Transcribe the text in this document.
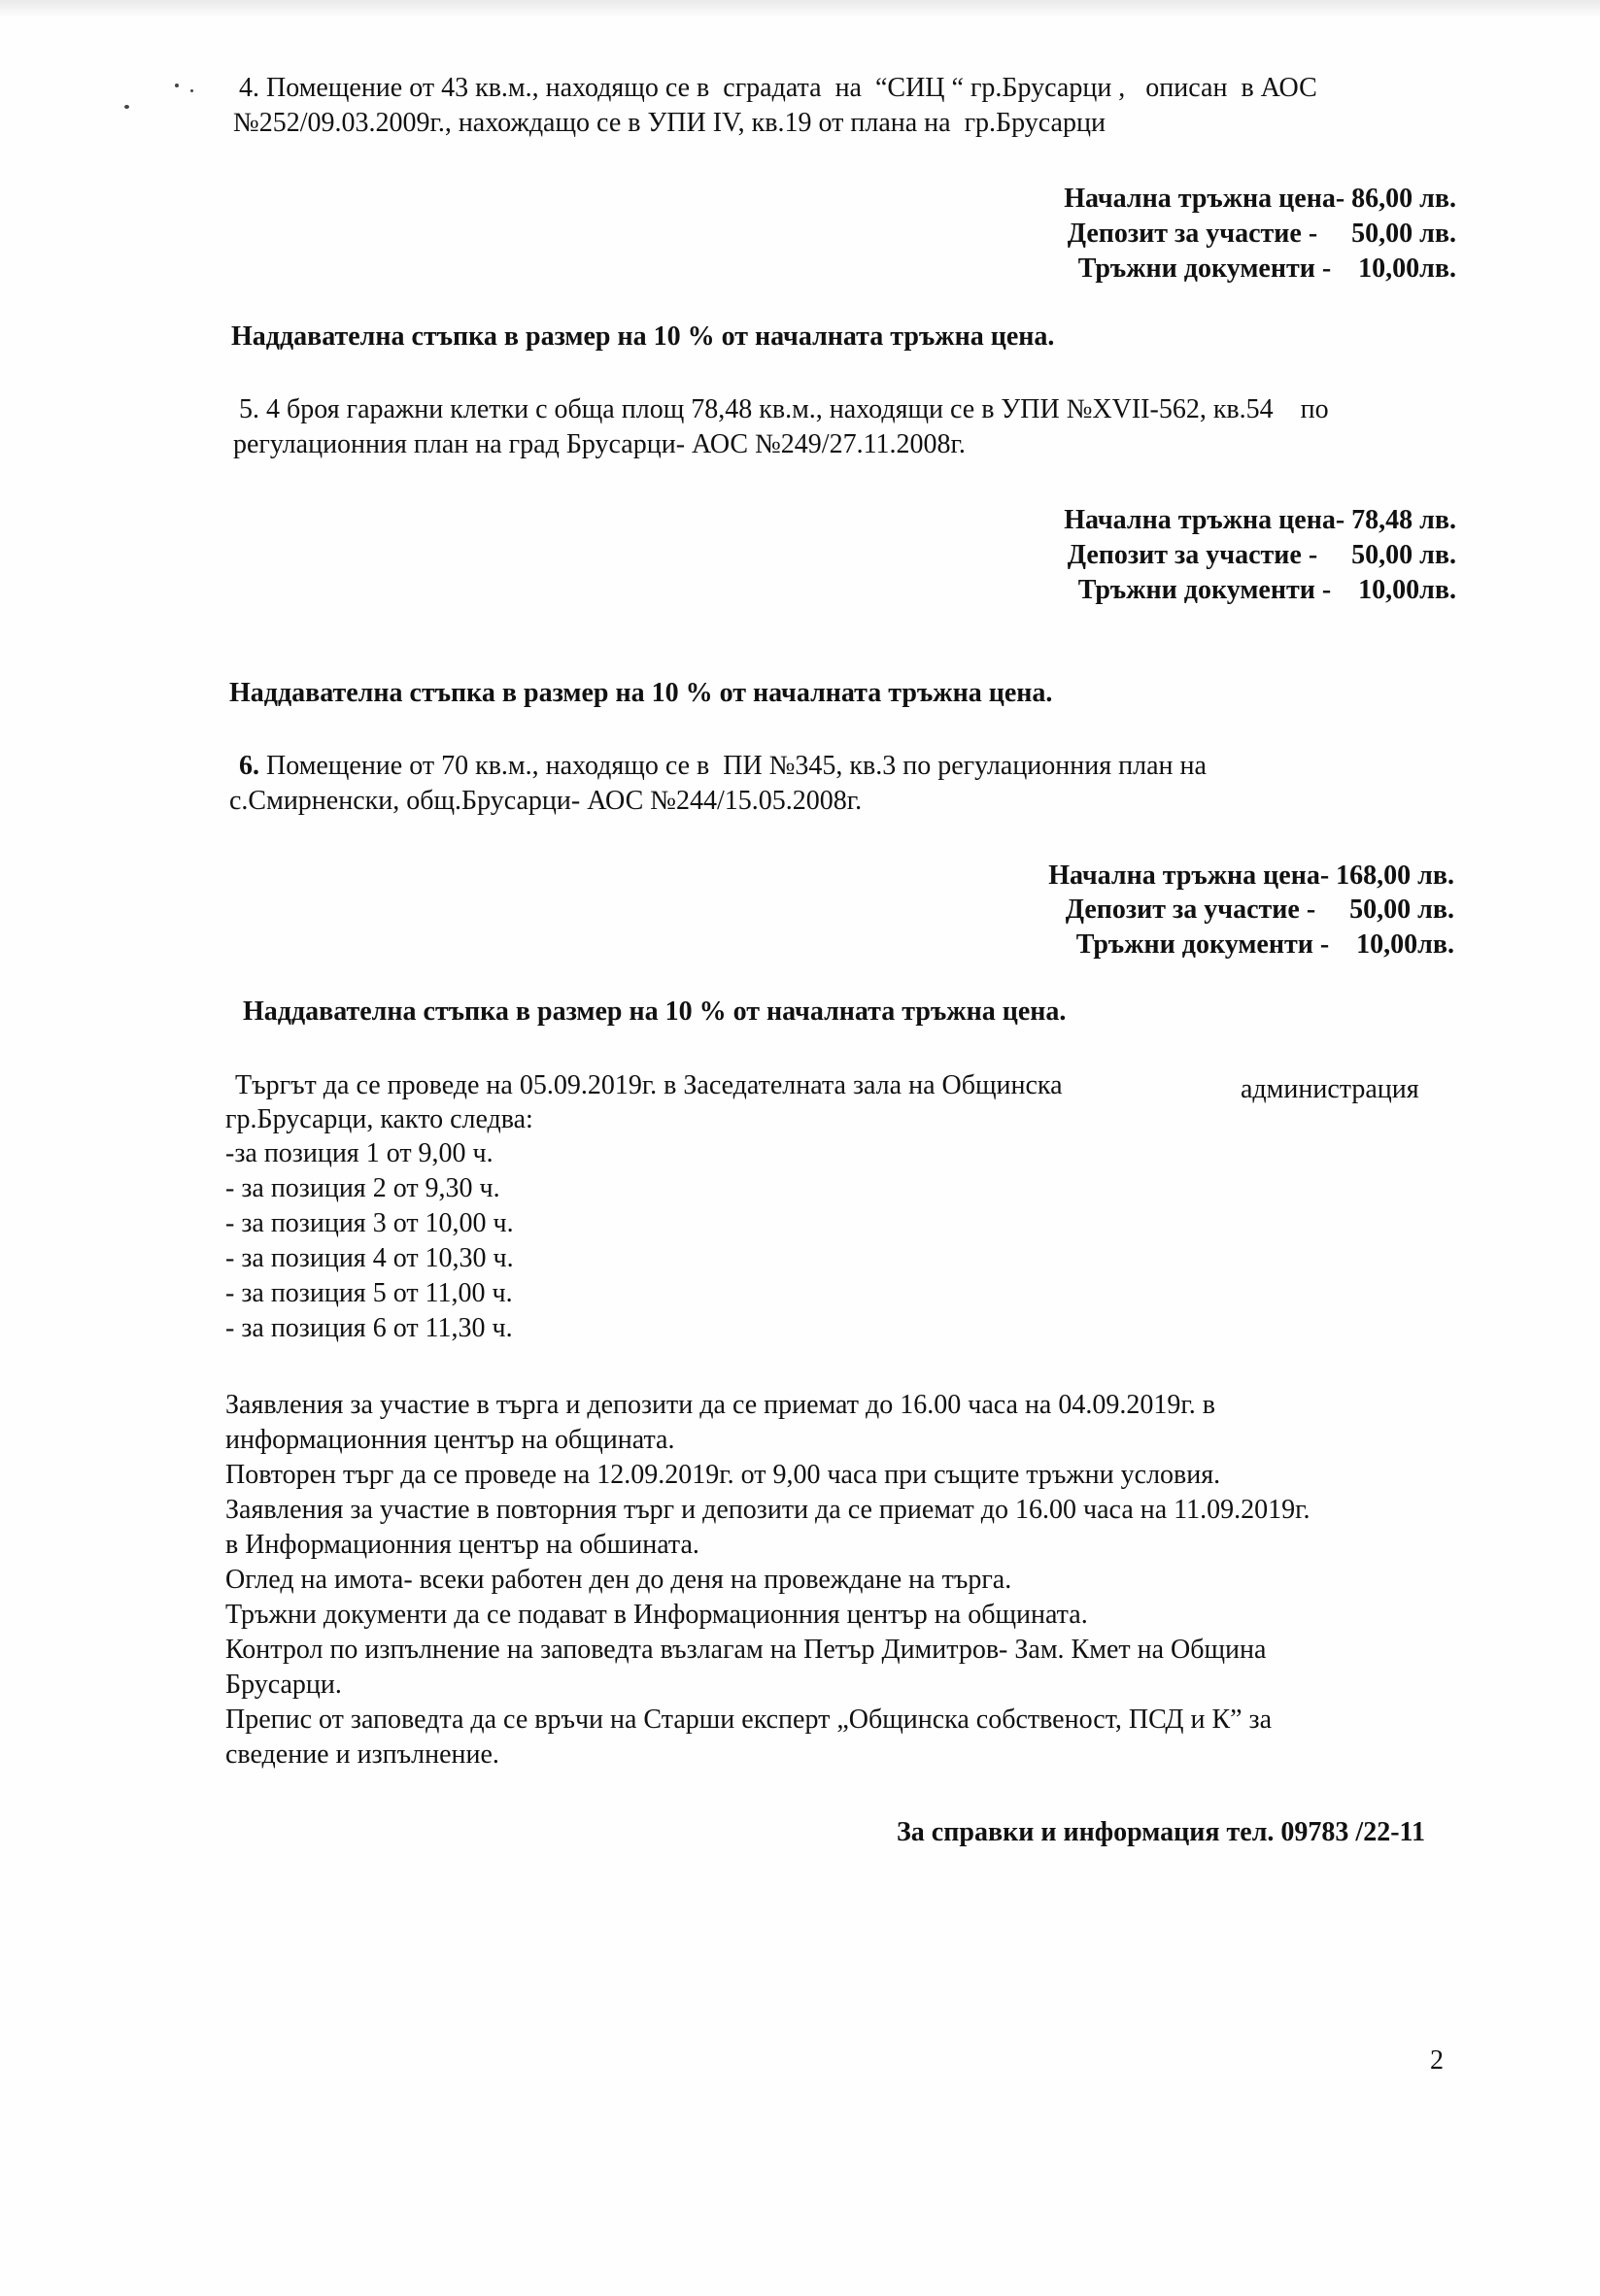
4. Помещение от 43 кв.м., находящо се в  сградата  на  “СИЦ “ гр.Брусарци ,   описан  в АОС
№252/09.03.2009г., нахождащо се в УПИ IV, кв.19 от плана на  гр.Брусарци
Начална тръжна цена- 86,00 лв.
Депозит за участие -     50,00 лв.
Тръжни документи -    10,00лв.
Наддавателна стъпка в размер на 10 % от началната тръжна цена.
5. 4 броя гаражни клетки с обща площ 78,48 кв.м., находящи се в УПИ №XVII-562, кв.54    по
регулационния план на град Брусарци- АОС №249/27.11.2008г.
Начална тръжна цена- 78,48 лв.
Депозит за участие -     50,00 лв.
Тръжни документи -    10,00лв.
Наддавателна стъпка в размер на 10 % от началната тръжна цена.
6. Помещение от 70 кв.м., находящо се в  ПИ №345, кв.3 по регулационния план на
с.Смирненски, общ.Брусарци- АОС №244/15.05.2008г.
Начална тръжна цена- 168,00 лв.
Депозит за участие -     50,00 лв.
Тръжни документи -    10,00лв.
Наддавателна стъпка в размер на 10 % от началната тръжна цена.
Търгът да се проведе на 05.09.2019г. в Заседателната зала на Общинска	администрация
гр.Брусарци, както следва:
-за позиция 1 от 9,00 ч.
- за позиция 2 от 9,30 ч.
- за позиция 3 от 10,00 ч.
- за позиция 4 от 10,30 ч.
- за позиция 5 от 11,00 ч.
- за позиция 6 от 11,30 ч.
Заявления за участие в търга и депозити да се приемат до 16.00 часа на 04.09.2019г. в
информационния център на общината.
Повторен търг да се проведе на 12.09.2019г. от 9,00 часа при същите тръжни условия.
Заявления за участие в повторния търг и депозити да се приемат до 16.00 часа на 11.09.2019г.
в Информационния център на обшината.
Оглед на имота- всеки работен ден до деня на провеждане на търга.
Тръжни документи да се подават в Информационния център на общината.
Контрол по изпълнение на заповедта възлагам на Петър Димитров- Зам. Кмет на Община
Брусарци.
Препис от заповедта да се връчи на Старши експерт „Общинска собственост, ПСД и К” за
сведение и изпълнение.
За справки и информация тел. 09783 /22-11
2
